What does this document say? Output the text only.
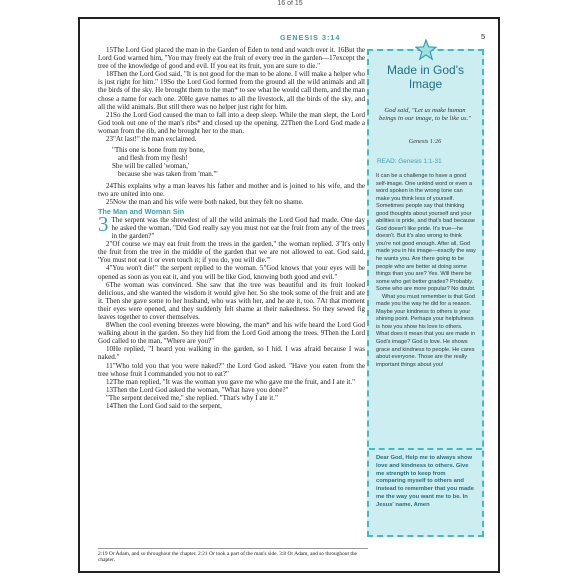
16 of 15
GENESIS 3:14	5

15The Lord God placed the man in the Garden of Eden to tend and watch over it. 16But the Lord God warned him, "You may freely eat the fruit of every tree in the garden—17except the tree of the knowledge of good and evil. If you eat its fruit, you are sure to die."

18Then the Lord God said, "It is not good for the man to be alone. I will make a helper who is just right for him." 19So the Lord God formed from the ground all the wild animals and all the birds of the sky. He brought them to the man* to see what he would call them, and the man chose a name for each one. 20He gave names to all the livestock, all the birds of the sky, and all the wild animals. But still there was no helper just right for him.

21So the Lord God caused the man to fall into a deep sleep. While the man slept, the Lord God took out one of the man's ribs* and closed up the opening. 22Then the Lord God made a woman from the rib, and he brought her to the man.

23"At last!" the man exclaimed.

"This one is bone from my bone,

and flesh from my flesh!

She will be called 'woman,'

because she was taken from 'man.'"

24This explains why a man leaves his father and mother and is joined to his wife, and the two are united into one.

25Now the man and his wife were both naked, but they felt no shame.

The Man and Woman Sin

3 The serpent was the shrewdest of all the wild animals the Lord God had made. One day he asked the woman, "Did God really say you must not eat the fruit from any of the trees in the garden?"

2"Of course we may eat fruit from the trees in the garden," the woman replied. 3"It's only the fruit from the tree in the middle of the garden that we are not allowed to eat. God said, 'You must not eat it or even touch it; if you do, you will die.'"

4"You won't die!" the serpent replied to the woman. 5"God knows that your eyes will be opened as soon as you eat it, and you will be like God, knowing both good and evil."

6The woman was convinced. She saw that the tree was beautiful and its fruit looked delicious, and she wanted the wisdom it would give her. So she took some of the fruit and ate it. Then she gave some to her husband, who was with her, and he ate it, too. 7At that moment their eyes were opened, and they suddenly felt shame at their nakedness. So they sewed fig leaves together to cover themselves.

8When the cool evening breezes were blowing, the man* and his wife heard the Lord God walking about in the garden. So they hid from the Lord God among the trees. 9Then the Lord God called to the man, "Where are you?"

10He replied, "I heard you walking in the garden, so I hid. I was afraid because I was naked."

11"Who told you that you were naked?" the Lord God asked. "Have you eaten from the tree whose fruit I commanded you not to eat?"

12The man replied, "It was the woman you gave me who gave me the fruit, and I ate it."

13Then the Lord God asked the woman, "What have you done?"

"The serpent deceived me," she replied. "That's why I ate it."

14Then the Lord God said to the serpent,

2:19 Or Adam, and so throughout the chapter. 2:21 Or took a part of the man's side. 3:8 Or Adam, and so throughout the chapter.
Made in God's Image
God said, "Let us make human beings in our image, to be like us."
Genesis 1:26
READ: Genesis 1:1-31

It can be a challenge to have a good self-image. One unkind word or even a word spoken in the wrong tone can make you think less of yourself. Sometimes people say that thinking good thoughts about yourself and your abilities is pride, and that's bad because God doesn't like pride. It's true—he doesn't. But it's also wrong to think you're not good enough. After all, God made you in his image—exactly the way he wants you. Are there going to be people who are better at doing some things than you are? Yes. Will there be some who get better grades? Probably. Some who are more popular? No doubt.

What you must remember is that God made you the way he did for a reason. Maybe your kindness to others is your shining point. Perhaps your helpfulness is how you show his love to others. What does it mean that you are made in God's image? God is love. He shows grace and kindness to people. He cares about everyone. Those are the really important things about you!

Dear God, Help me to always show love and kindness to others. Give me strength to keep from comparing myself to others and instead to remember that you made me the way you want me to be. In Jesus' name, Amen
